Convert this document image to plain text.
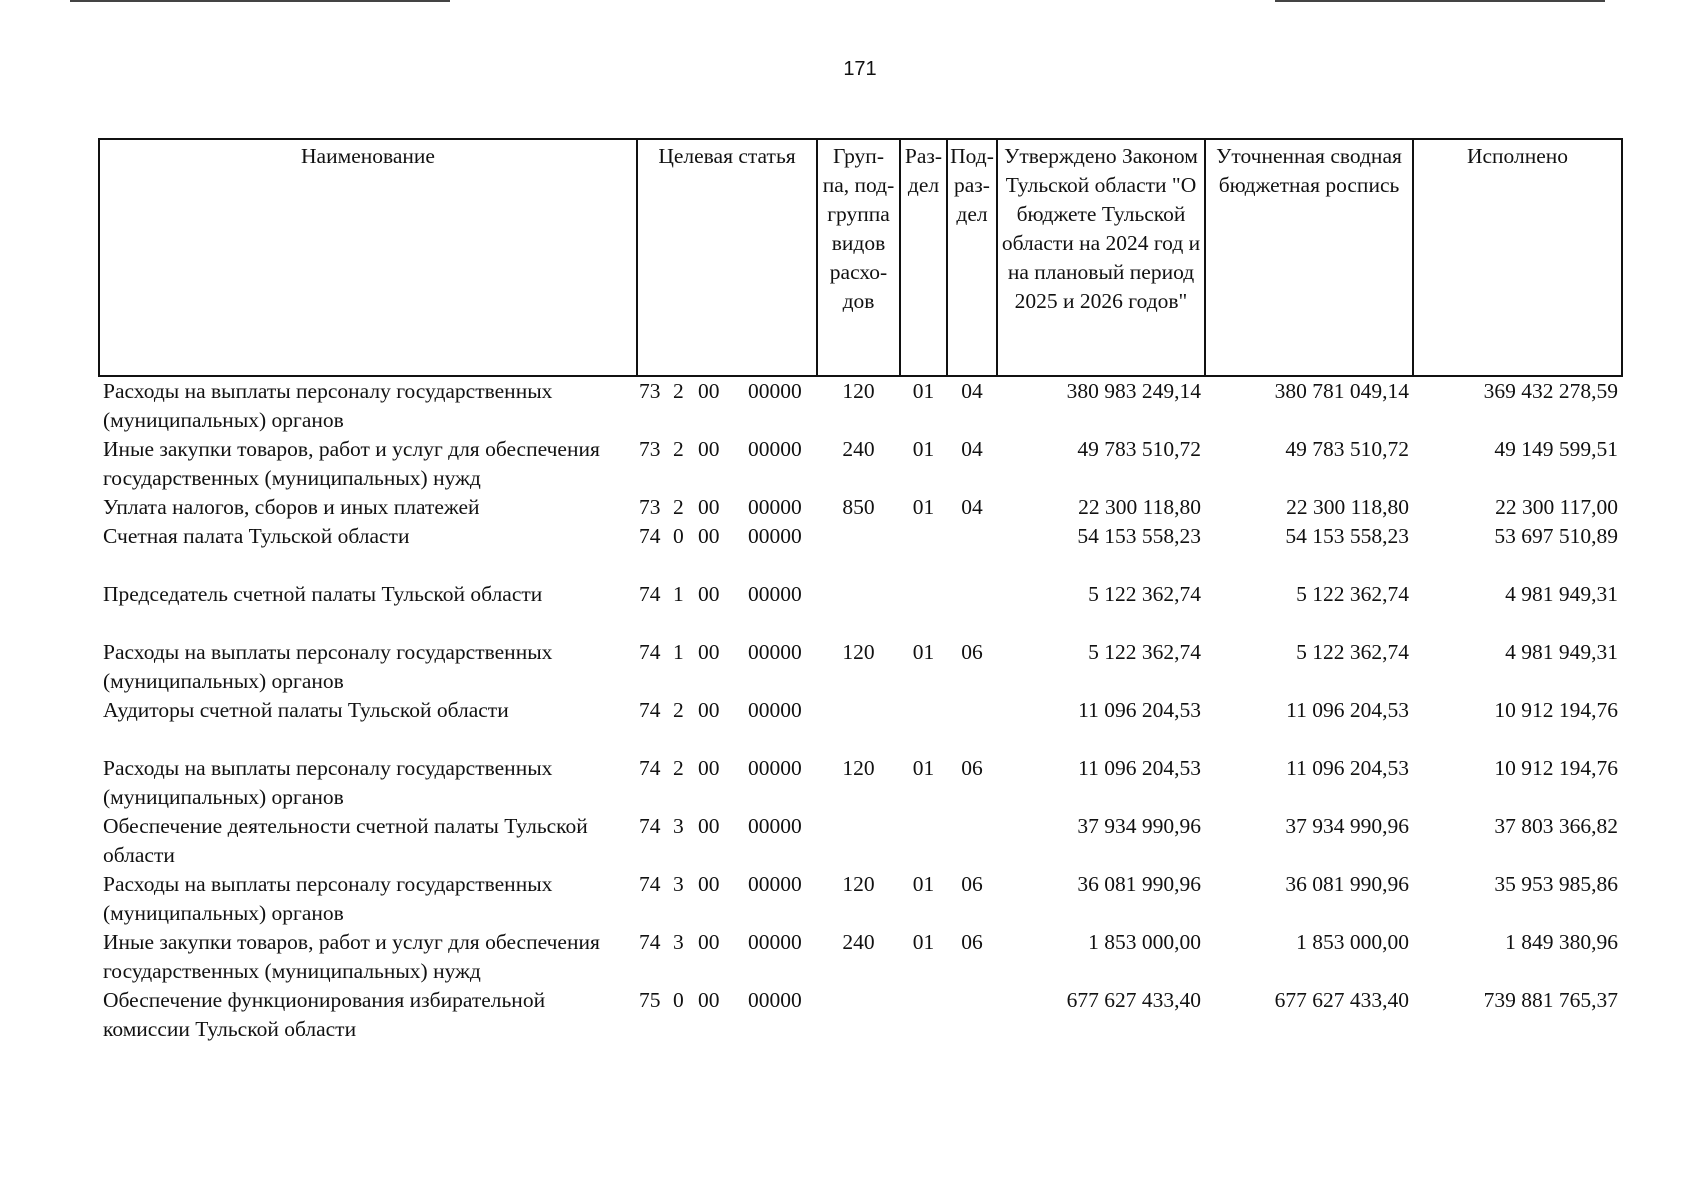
171
Наименование	Целевая статья	Груп-па, под-группа видов расхо-дов	Раз-дел	Под-раз-дел	Утверждено Законом Тульской области "О бюджете Тульской области на 2024 год и на плановый период 2025 и 2026 годов"	Уточненная сводная бюджетная роспись	Исполнено
Расходы на выплаты персоналу государственных (муниципальных) органов	73 2 00 00000	120	01	04	380 983 249,14	380 781 049,14	369 432 278,59
Иные закупки товаров, работ и услуг для обеспечения государственных (муниципальных) нужд	73 2 00 00000	240	01	04	49 783 510,72	49 783 510,72	49 149 599,51
Уплата налогов, сборов и иных платежей	73 2 00 00000	850	01	04	22 300 118,80	22 300 118,80	22 300 117,00
Счетная палата Тульской области	74 0 00 00000				54 153 558,23	54 153 558,23	53 697 510,89
Председатель счетной палаты Тульской области	74 1 00 00000				5 122 362,74	5 122 362,74	4 981 949,31
Расходы на выплаты персоналу государственных (муниципальных) органов	74 1 00 00000	120	01	06	5 122 362,74	5 122 362,74	4 981 949,31
Аудиторы счетной палаты Тульской области	74 2 00 00000				11 096 204,53	11 096 204,53	10 912 194,76
Расходы на выплаты персоналу государственных (муниципальных) органов	74 2 00 00000	120	01	06	11 096 204,53	11 096 204,53	10 912 194,76
Обеспечение деятельности счетной палаты Тульской области	74 3 00 00000				37 934 990,96	37 934 990,96	37 803 366,82
Расходы на выплаты персоналу государственных (муниципальных) органов	74 3 00 00000	120	01	06	36 081 990,96	36 081 990,96	35 953 985,86
Иные закупки товаров, работ и услуг для обеспечения государственных (муниципальных) нужд	74 3 00 00000	240	01	06	1 853 000,00	1 853 000,00	1 849 380,96
Обеспечение функционирования избирательной комиссии Тульской области	75 0 00 00000				677 627 433,40	677 627 433,40	739 881 765,37
